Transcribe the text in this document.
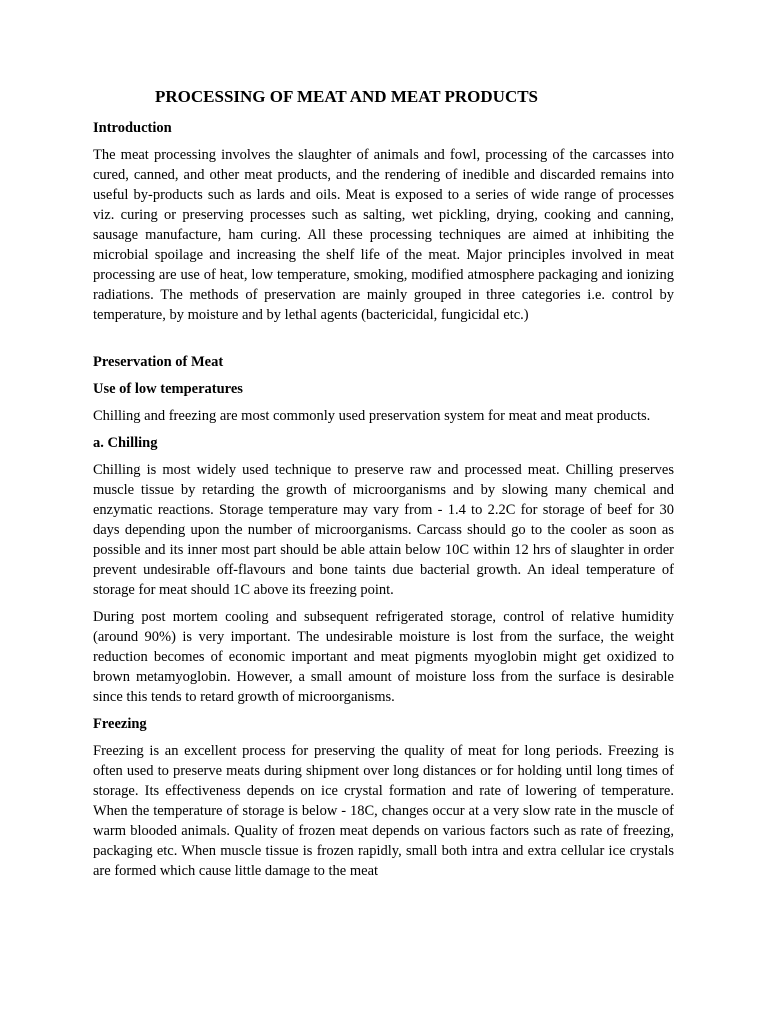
PROCESSING OF MEAT AND MEAT PRODUCTS
Introduction
The meat processing involves the slaughter of animals and fowl, processing of the carcasses into cured, canned, and other meat products, and the rendering of inedible and discarded remains into useful by-products such as lards and oils. Meat is exposed to a series of wide range of processes viz. curing or preserving processes such as salting, wet pickling, drying, cooking and canning, sausage manufacture, ham curing. All these processing techniques are aimed at inhibiting the microbial spoilage and increasing the shelf life of the meat. Major principles involved in meat processing are use of heat, low temperature, smoking, modified atmosphere packaging and ionizing radiations. The methods of preservation are mainly grouped in three categories i.e. control by temperature, by moisture and by lethal agents (bactericidal, fungicidal etc.)
Preservation of Meat
Use of low temperatures
Chilling and freezing are most commonly used preservation system for meat and meat products.
a. Chilling
Chilling is most widely used technique to preserve raw and processed meat. Chilling preserves muscle tissue by retarding the growth of microorganisms and by slowing many chemical and enzymatic reactions. Storage temperature may vary from - 1.4 to 2.2C for storage of beef for 30 days depending upon the number of microorganisms. Carcass should go to the cooler as soon as possible and its inner most part should be able attain below 10C within 12 hrs of slaughter in order prevent undesirable off-flavours and bone taints due bacterial growth. An ideal temperature of storage for meat should 1C above its freezing point.
During post mortem cooling and subsequent refrigerated storage, control of relative humidity (around 90%) is very important. The undesirable moisture is lost from the surface, the weight reduction becomes of economic important and meat pigments myoglobin might get oxidized to brown metamyoglobin. However, a small amount of moisture loss from the surface is desirable since this tends to retard growth of microorganisms.
Freezing
Freezing is an excellent process for preserving the quality of meat for long periods. Freezing is often used to preserve meats during shipment over long distances or for holding until long times of storage. Its effectiveness depends on ice crystal formation and rate of lowering of temperature. When the temperature of storage is below - 18C, changes occur at a very slow rate in the muscle of warm blooded animals. Quality of frozen meat depends on various factors such as rate of freezing, packaging etc. When muscle tissue is frozen rapidly, small both intra and extra cellular ice crystals are formed which cause little damage to the meat
